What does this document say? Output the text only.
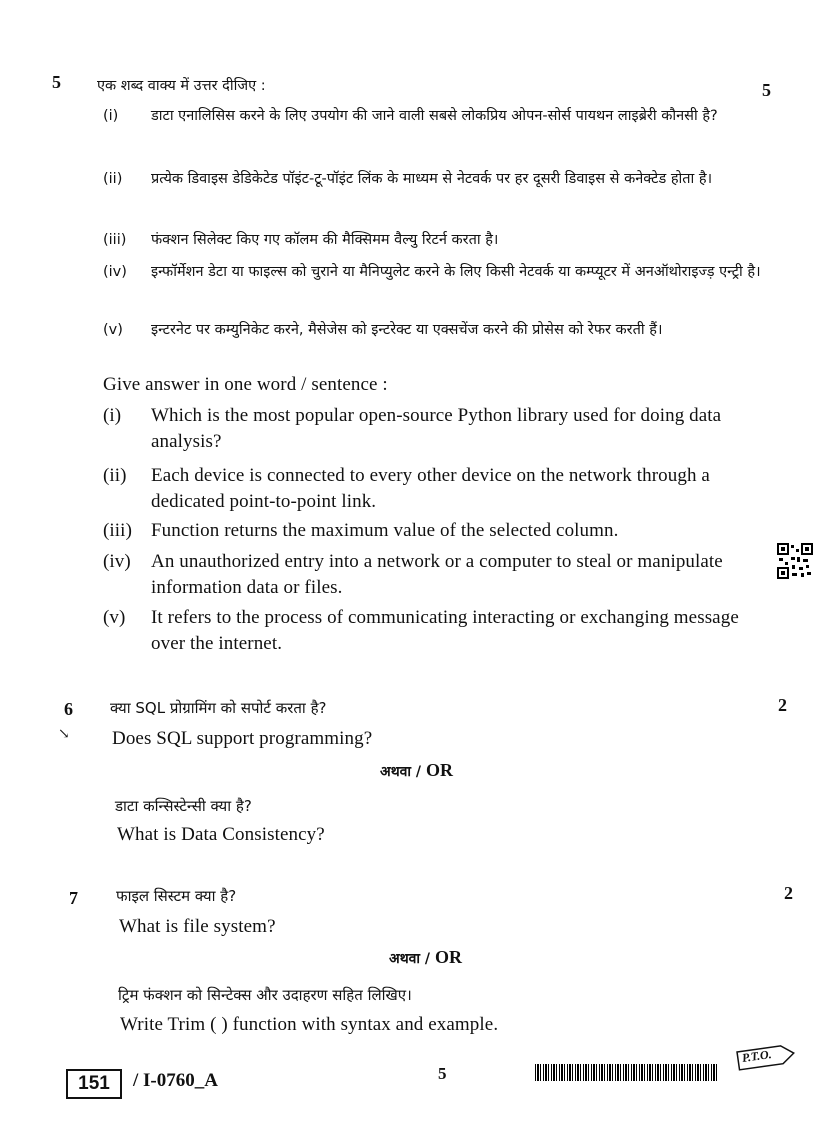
5	5
एक शब्द वाक्य में उत्तर दीजिए :
(i)	डाटा एनालिसिस करने के लिए उपयोग की जाने वाली सबसे लोकप्रिय ओपन-सोर्स पायथन लाइब्रेरी कौनसी है?
(ii)	प्रत्येक डिवाइस डेडिकेटेड पॉइंट-टू-पॉइंट लिंक के माध्यम से नेटवर्क पर हर दूसरी डिवाइस से कनेक्टेड होता है।
(iii)	फंक्शन सिलेक्ट किए गए कॉलम की मैक्सिमम वैल्यु रिटर्न करता है।
(iv)	इन्फॉर्मेशन डेटा या फाइल्स को चुराने या मैनिप्युलेट करने के लिए किसी नेटवर्क या कम्प्यूटर में अनऑथोराइज्ड़ एन्ट्री है।
(v)	इन्टरनेट पर कम्युनिकेट करने, मैसेजेस को इन्टरेक्ट या एक्सचेंज करने की प्रोसेस को रेफर करती हैं।
Give answer in one word / sentence :
(i)	Which is the most popular open-source Python library used for doing data analysis?
(ii)	Each device is connected to every other device on the network through a dedicated point-to-point link.
(iii)	Function returns the maximum value of the selected column.
(iv)	An unauthorized entry into a network or a computer to steal or manipulate information data or files.
(v)	It refers to the process of communicating interacting or exchanging message over the internet.
6
↘
2
क्या SQL प्रोग्रामिंग को सपोर्ट करता है?
Does SQL support programming?
अथवा / OR
डाटा कन्सिस्टेन्सी क्या है?
What is Data Consistency?
7	2
फाइल सिस्टम क्या है?
What is file system?
अथवा / OR
ट्रिम फंक्शन को सिन्टेक्स और उदाहरण सहित लिखिए।
Write Trim ( ) function with syntax and example.
151	/ I-0760_A	5
P.T.O.
